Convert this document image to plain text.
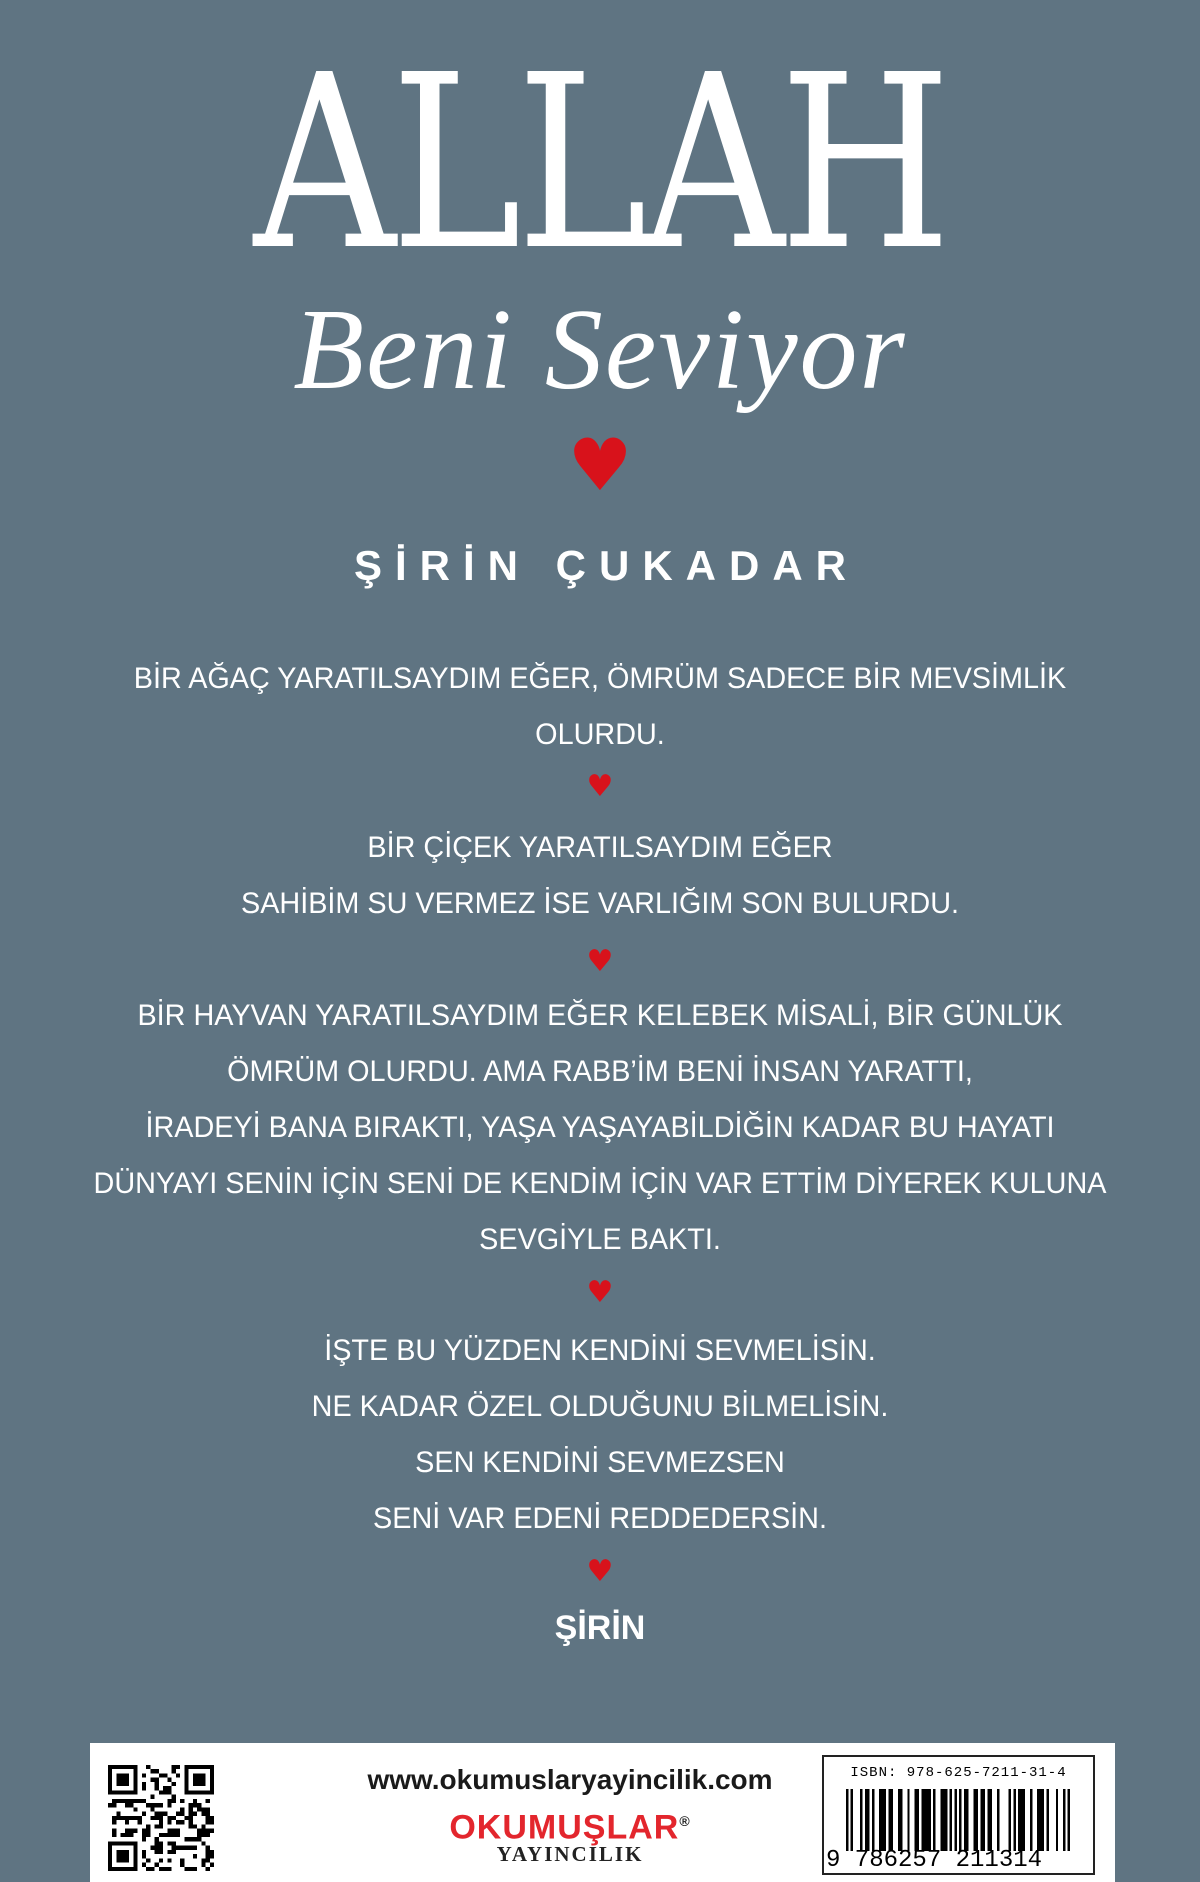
ALLAH
Beni Seviyor
♥
ŞİRİN ÇUKADAR
BİR AĞAÇ YARATILSAYDIM EĞER, ÖMRÜM SADECE BİR MEVSİMLİK
OLURDU.
♥
BİR ÇİÇEK YARATILSAYDIM EĞER
SAHİBİM SU VERMEZ İSE VARLIĞIM SON BULURDU.
♥
BİR HAYVAN YARATILSAYDIM EĞER KELEBEK MİSALİ, BİR GÜNLÜK
ÖMRÜM OLURDU. AMA RABB’İM BENİ İNSAN YARATTI,
İRADEYİ BANA BIRAKTI, YAŞA YAŞAYABİLDİĞİN KADAR BU HAYATI
DÜNYAYI SENİN İÇİN SENİ DE KENDİM İÇİN VAR ETTİM DİYEREK KULUNA
SEVGİYLE BAKTI.
♥
İŞTE BU YÜZDEN KENDİNİ SEVMELİSİN.
NE KADAR ÖZEL OLDUĞUNU BİLMELİSİN.
SEN KENDİNİ SEVMEZSEN
SENİ VAR EDENİ REDDEDERSİN.
♥
ŞİRİN
www.okumuslaryayincilik.com
OKUMUŞLAR®
YAYINCILIK
ISBN: 978-625-7211-31-4
9 786257 211314
